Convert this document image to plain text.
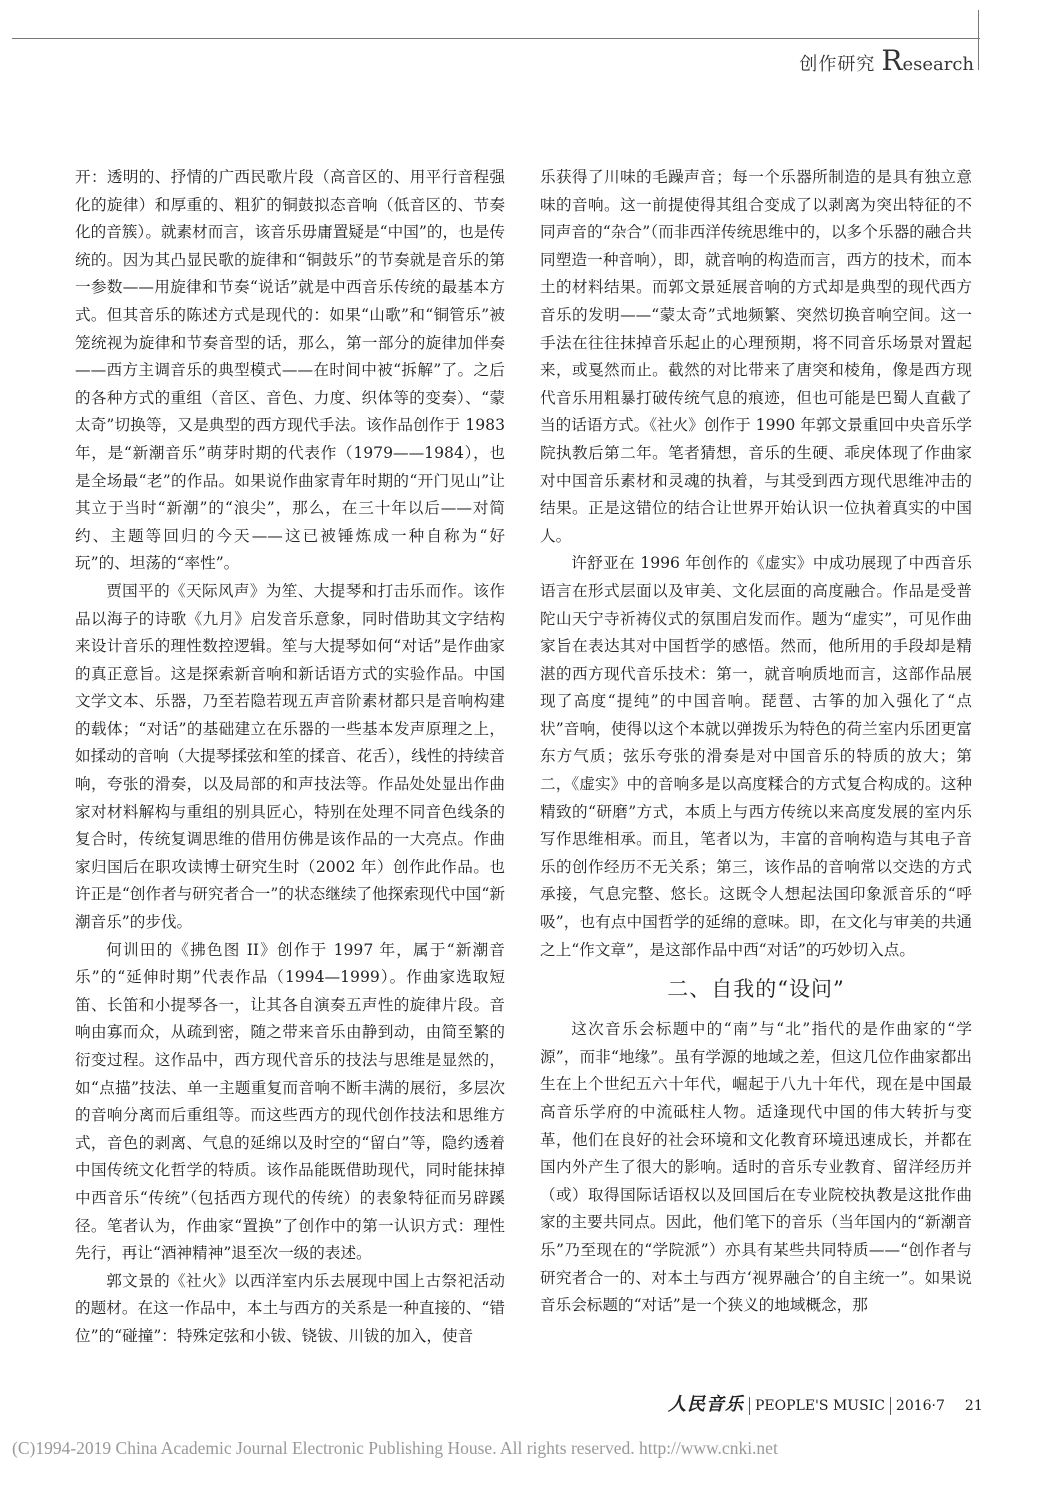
创作研究 Research

开：透明的、抒情的广西民歌片段（高音区的、用平行音程强化的旋律）和厚重的、粗犷的铜鼓拟态音响（低音区的、节奏化的音簇）。就素材而言，该音乐毋庸置疑是“中国”的，也是传统的。因为其凸显民歌的旋律和“铜鼓乐”的节奏就是音乐的第一参数——用旋律和节奏“说话”就是中西音乐传统的最基本方式。但其音乐的陈述方式是现代的：如果“山歌”和“铜管乐”被笼统视为旋律和节奏音型的话，那么，第一部分的旋律加伴奏——西方主调音乐的典型模式——在时间中被“拆解”了。之后的各种方式的重组（音区、音色、力度、织体等的变奏）、“蒙太奇”切换等，又是典型的西方现代手法。该作品创作于 1983 年，是“新潮音乐”萌芽时期的代表作（1979——1984），也是全场最“老”的作品。如果说作曲家青年时期的“开门见山”让其立于当时“新潮”的“浪尖”，那么，在三十年以后——对简约、主题等回归的今天——这已被锤炼成一种自称为“好玩”的、坦荡的“率性”。

贾国平的《天际风声》为笙、大提琴和打击乐而作。该作品以海子的诗歌《九月》启发音乐意象，同时借助其文字结构来设计音乐的理性数控逻辑。笙与大提琴如何“对话”是作曲家的真正意旨。这是探索新音响和新话语方式的实验作品。中国文学文本、乐器，乃至若隐若现五声音阶素材都只是音响构建的载体；“对话”的基础建立在乐器的一些基本发声原理之上，如揉动的音响（大提琴揉弦和笙的揉音、花舌），线性的持续音响，夸张的滑奏，以及局部的和声技法等。作品处处显出作曲家对材料解构与重组的别具匠心，特别在处理不同音色线条的复合时，传统复调思维的借用仿佛是该作品的一大亮点。作曲家归国后在职攻读博士研究生时（2002 年）创作此作品。也许正是“创作者与研究者合一”的状态继续了他探索现代中国“新潮音乐”的步伐。

何训田的《拂色图 II》创作于 1997 年，属于“新潮音乐”的“延伸时期”代表作品（1994—1999）。作曲家选取短笛、长笛和小提琴各一，让其各自演奏五声性的旋律片段。音响由寡而众，从疏到密，随之带来音乐由静到动，由简至繁的衍变过程。这作品中，西方现代音乐的技法与思维是显然的，如“点描”技法、单一主题重复而音响不断丰满的展衍，多层次的音响分离而后重组等。而这些西方的现代创作技法和思维方式，音色的剥离、气息的延绵以及时空的“留白”等，隐约透着中国传统文化哲学的特质。该作品能既借助现代，同时能抹掉中西音乐“传统”（包括西方现代的传统）的表象特征而另辟蹊径。笔者认为，作曲家“置换”了创作中的第一认识方式：理性先行，再让“酒神精神”退至次一级的表述。

郭文景的《社火》以西洋室内乐去展现中国上古祭祀活动的题材。在这一作品中，本土与西方的关系是一种直接的、“错位”的“碰撞”：特殊定弦和小钹、铙钹、川钹的加入，使音

乐获得了川味的毛躁声音；每一个乐器所制造的是具有独立意味的音响。这一前提使得其组合变成了以剥离为突出特征的不同声音的“杂合”（而非西洋传统思维中的，以多个乐器的融合共同塑造一种音响），即，就音响的构造而言，西方的技术，而本土的材料结果。而郭文景延展音响的方式却是典型的现代西方音乐的发明——“蒙太奇”式地频繁、突然切换音响空间。这一手法在往往抹掉音乐起止的心理预期，将不同音乐场景对置起来，或戛然而止。截然的对比带来了唐突和棱角，像是西方现代音乐用粗暴打破传统气息的痕迹，但也可能是巴蜀人直截了当的话语方式。《社火》创作于 1990 年郭文景重回中央音乐学院执教后第二年。笔者猜想，音乐的生硬、乖戾体现了作曲家对中国音乐素材和灵魂的执着，与其受到西方现代思维冲击的结果。正是这错位的结合让世界开始认识一位执着真实的中国人。

许舒亚在 1996 年创作的《虚实》中成功展现了中西音乐语言在形式层面以及审美、文化层面的高度融合。作品是受普陀山天宁寺祈祷仪式的氛围启发而作。题为“虚实”，可见作曲家旨在表达其对中国哲学的感悟。然而，他所用的手段却是精湛的西方现代音乐技术：第一，就音响质地而言，这部作品展现了高度“提纯”的中国音响。琵琶、古筝的加入强化了“点状”音响，使得以这个本就以弹拨乐为特色的荷兰室内乐团更富东方气质；弦乐夸张的滑奏是对中国音乐的特质的放大；第二，《虚实》中的音响多是以高度糅合的方式复合构成的。这种精致的“研磨”方式，本质上与西方传统以来高度发展的室内乐写作思维相承。而且，笔者以为，丰富的音响构造与其电子音乐的创作经历不无关系；第三，该作品的音响常以交迭的方式承接，气息完整、悠长。这既令人想起法国印象派音乐的“呼吸”，也有点中国哲学的延绵的意味。即，在文化与审美的共通之上“作文章”，是这部作品中西“对话”的巧妙切入点。

二、自我的“设问”

这次音乐会标题中的“南”与“北”指代的是作曲家的“学源”，而非“地缘”。虽有学源的地域之差，但这几位作曲家都出生在上个世纪五六十年代，崛起于八九十年代，现在是中国最高音乐学府的中流砥柱人物。适逢现代中国的伟大转折与变革，他们在良好的社会环境和文化教育环境迅速成长，并都在国内外产生了很大的影响。适时的音乐专业教育、留洋经历并（或）取得国际话语权以及回国后在专业院校执教是这批作曲家的主要共同点。因此，他们笔下的音乐（当年国内的“新潮音乐”乃至现在的“学院派”）亦具有某些共同特质——“创作者与研究者合一的、对本土与西方‘视界融合’的自主统一”。如果说音乐会标题的“对话”是一个狭义的地域概念，那

人民音乐 PEOPLE'S MUSIC 2016·7 21
(C)1994-2019 China Academic Journal Electronic Publishing House. All rights reserved. http://www.cnki.net
